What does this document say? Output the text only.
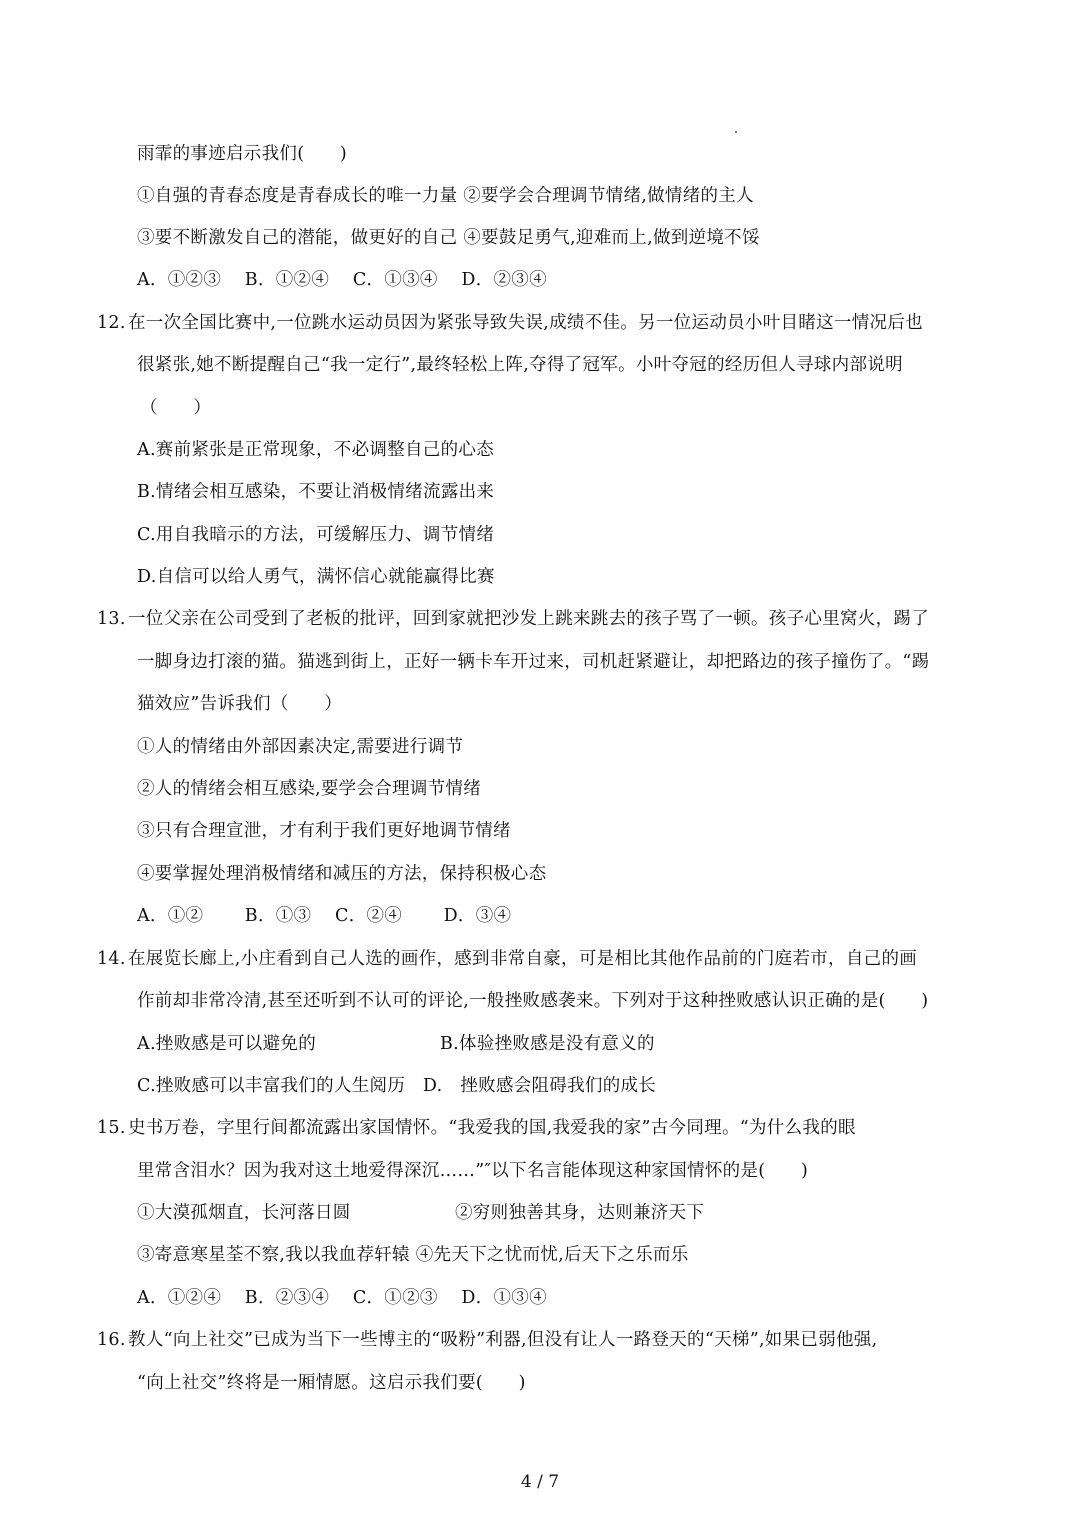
雨霏的事迹启示我们(　　)
①自强的青春态度是青春成长的唯一力量 ②要学会合理调节情绪,做情绪的主人
③要不断激发自己的潜能，做更好的自己 ④要鼓足勇气,迎难而上,做到逆境不馁
A．①②③　 B．①②④　 C．①③④　 D．②③④
12. 在一次全国比赛中,一位跳水运动员因为紧张导致失误,成绩不佳。另一位运动员小叶目睹这一情况后也
很紧张,她不断提醒自己“我一定行”,最终轻松上阵,夺得了冠军。小叶夺冠的经历但人寻球内部说明
（　　）
A.赛前紧张是正常现象，不必调整自己的心态
B.情绪会相互感染，不要让消极情绪流露出来
C.用自我暗示的方法，可缓解压力、调节情绪
D.自信可以给人勇气，满怀信心就能赢得比赛
13. 一位父亲在公司受到了老板的批评，回到家就把沙发上跳来跳去的孩子骂了一顿。孩子心里窝火，踢了
一脚身边打滚的猫。猫逃到街上，正好一辆卡车开过来，司机赶紧避让，却把路边的孩子撞伤了。“踢
猫效应”告诉我们（　　）
①人的情绪由外部因素决定,需要进行调节
②人的情绪会相互感染,要学会合理调节情绪
③只有合理宣泄，才有利于我们更好地调节情绪
④要掌握处理消极情绪和减压的方法，保持积极心态
A．①②　　 B．①③　 C．②④　　 D．③④
14. 在展览长廊上,小庄看到自己人选的画作，感到非常自豪，可是相比其他作品前的门庭若市，自己的画
作前却非常冷清,甚至还听到不认可的评论,一般挫败感袭来。下列对于这种挫败感认识正确的是(　　)
A.挫败感是可以避免的	B.体验挫败感是没有意义的
C.挫败感可以丰富我们的人生阅历　D.　挫败感会阻碍我们的成长
15. 史书万卷，字里行间都流露出家国情怀。“我爱我的国,我爱我的家”古今同理。“为什么我的眼
里常含泪水？因为我对这土地爱得深沉……”″以下名言能体现这种家国情怀的是(　　)
①大漠孤烟直，长河落日圆	②穷则独善其身，达则兼济天下
③寄意寒星荃不察,我以我血荐轩辕 ④先天下之忧而忧,后天下之乐而乐
A．①②④　 B．②③④　 C．①②③　 D．①③④
16. 教人“向上社交”已成为当下一些博主的“吸粉”利器,但没有让人一路登天的“天梯”,如果已弱他强,
“向上社交”终将是一厢情愿。这启示我们要(　　)
4 / 7
